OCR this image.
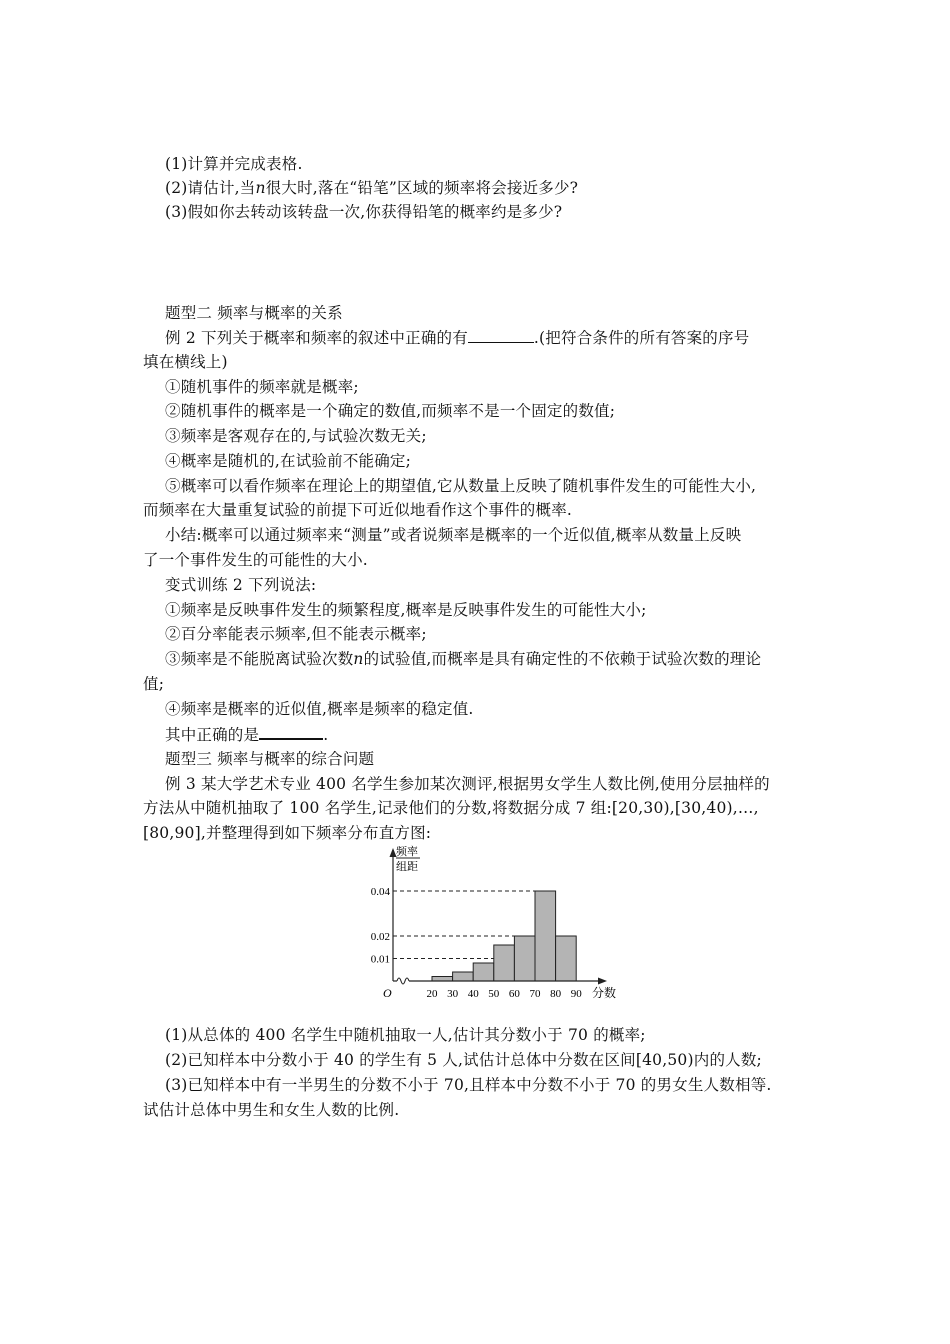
(1)计算并完成表格.
(2)请估计,当n很大时,落在“铅笔”区域的频率将会接近多少?
(3)假如你去转动该转盘一次,你获得铅笔的概率约是多少?
题型二 频率与概率的关系
例 2 下列关于概率和频率的叙述中正确的有	.(把符合条件的所有答案的序号
填在横线上)
①随机事件的频率就是概率;
②随机事件的概率是一个确定的数值,而频率不是一个固定的数值;
③频率是客观存在的,与试验次数无关;
④概率是随机的,在试验前不能确定;
⑤概率可以看作频率在理论上的期望值,它从数量上反映了随机事件发生的可能性大小,
而频率在大量重复试验的前提下可近似地看作这个事件的概率.
小结:概率可以通过频率来“测量”或者说频率是概率的一个近似值,概率从数量上反映
了一个事件发生的可能性的大小.
变式训练 2 下列说法:
①频率是反映事件发生的频繁程度,概率是反映事件发生的可能性大小;
②百分率能表示频率,但不能表示概率;
③频率是不能脱离试验次数n的试验值,而概率是具有确定性的不依赖于试验次数的理论
值;
④频率是概率的近似值,概率是频率的稳定值.
其中正确的是	.
题型三 频率与概率的综合问题
例 3 某大学艺术专业 400 名学生参加某次测评,根据男女学生人数比例,使用分层抽样的
方法从中随机抽取了 100 名学生,记录他们的分数,将数据分成 7 组:[20,30),[30,40),…,
[80,90],并整理得到如下频率分布直方图:
0.01
0.02
0.04
20 30 40 50 60 70 80 90
O
频率
组距
分数
(1)从总体的 400 名学生中随机抽取一人,估计其分数小于 70 的概率;
(2)已知样本中分数小于 40 的学生有 5 人,试估计总体中分数在区间[40,50)内的人数;
(3)已知样本中有一半男生的分数不小于 70,且样本中分数不小于 70 的男女生人数相等.
试估计总体中男生和女生人数的比例.
